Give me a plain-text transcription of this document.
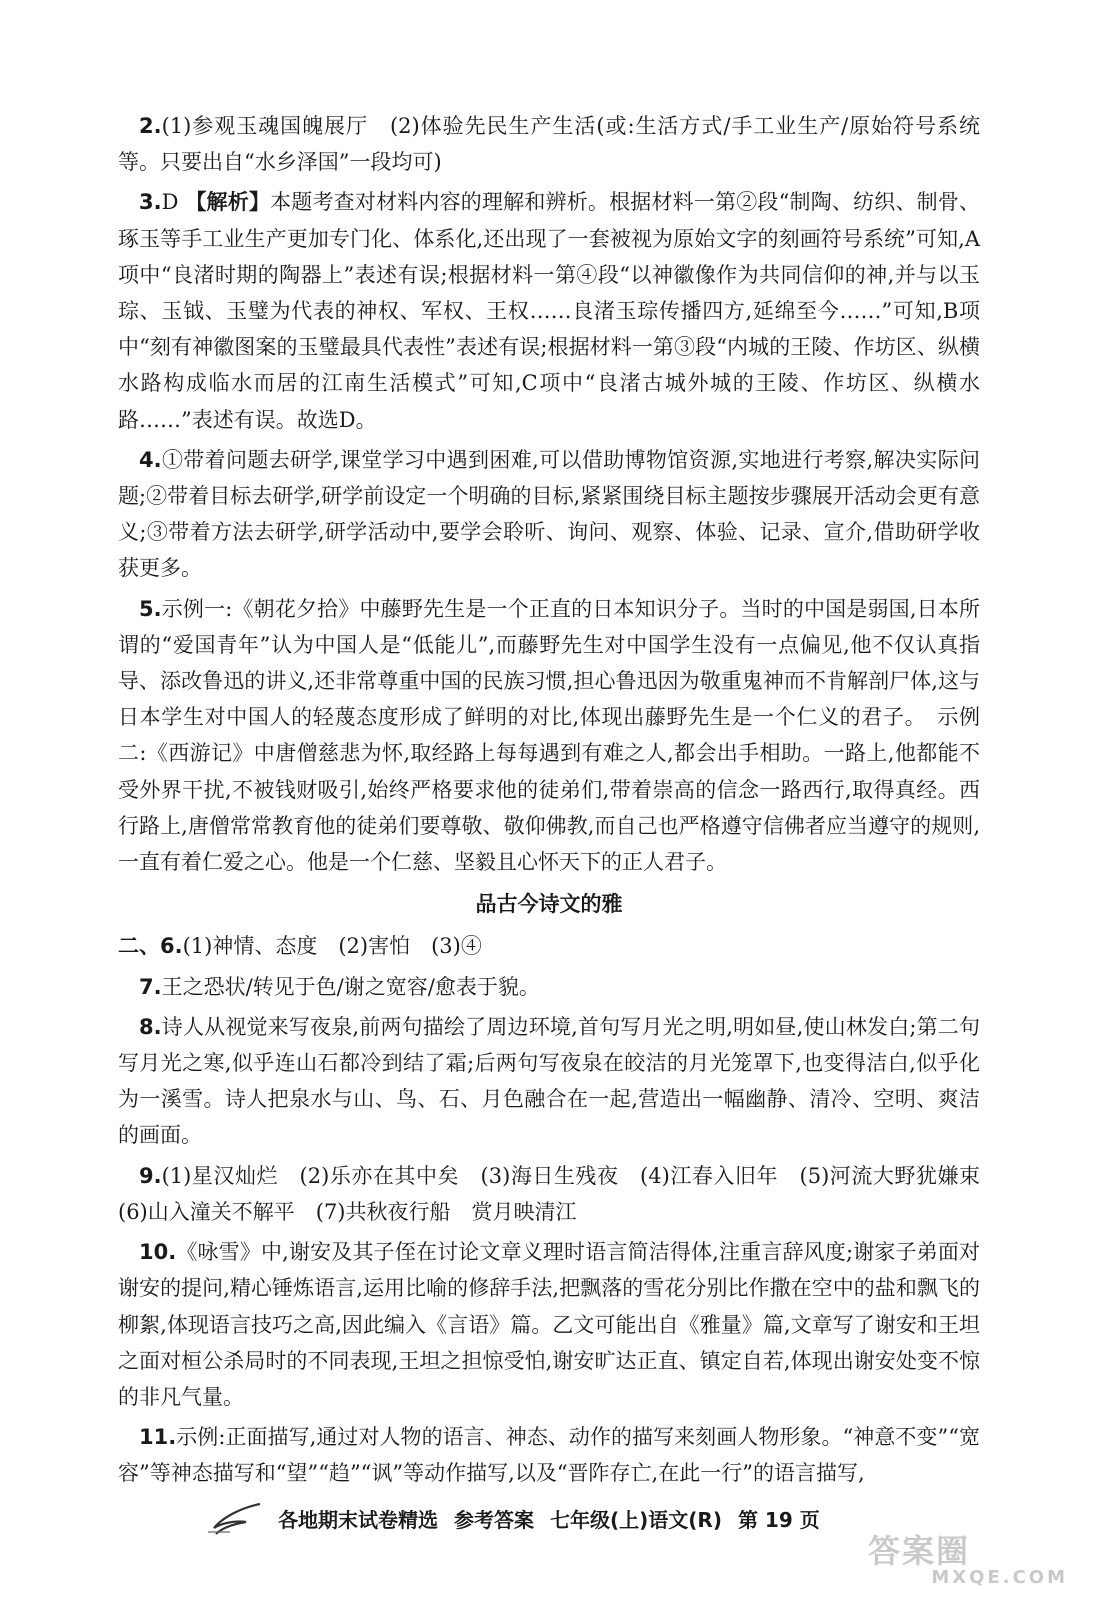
2.(1)参观玉魂国魄展厅　(2)体验先民生产生活(或:生活方式/手工业生产/原始符号系统等。只要出自“水乡泽国”一段均可)

3.D 【解析】本题考查对材料内容的理解和辨析。根据材料一第②段“制陶、纺织、制骨、琢玉等手工业生产更加专门化、体系化,还出现了一套被视为原始文字的刻画符号系统”可知,A项中“良渚时期的陶器上”表述有误;根据材料一第④段“以神徽像作为共同信仰的神,并与以玉琮、玉钺、玉璧为代表的神权、军权、王权……良渚玉琮传播四方,延绵至今……”可知,B项中“刻有神徽图案的玉璧最具代表性”表述有误;根据材料一第③段“内城的王陵、作坊区、纵横水路构成临水而居的江南生活模式”可知,C项中“良渚古城外城的王陵、作坊区、纵横水路……”表述有误。故选D。

4.①带着问题去研学,课堂学习中遇到困难,可以借助博物馆资源,实地进行考察,解决实际问题;②带着目标去研学,研学前设定一个明确的目标,紧紧围绕目标主题按步骤展开活动会更有意义;③带着方法去研学,研学活动中,要学会聆听、询问、观察、体验、记录、宣介,借助研学收获更多。

5.示例一:《朝花夕拾》中藤野先生是一个正直的日本知识分子。当时的中国是弱国,日本所谓的“爱国青年”认为中国人是“低能儿”,而藤野先生对中国学生没有一点偏见,他不仅认真指导、添改鲁迅的讲义,还非常尊重中国的民族习惯,担心鲁迅因为敬重鬼神而不肯解剖尸体,这与日本学生对中国人的轻蔑态度形成了鲜明的对比,体现出藤野先生是一个仁义的君子。　示例二:《西游记》中唐僧慈悲为怀,取经路上每每遇到有难之人,都会出手相助。一路上,他都能不受外界干扰,不被钱财吸引,始终严格要求他的徒弟们,带着崇高的信念一路西行,取得真经。西行路上,唐僧常常教育他的徒弟们要尊敬、敬仰佛教,而自己也严格遵守信佛者应当遵守的规则,一直有着仁爱之心。他是一个仁慈、坚毅且心怀天下的正人君子。

品古今诗文的雅

二、6.(1)神情、态度　(2)害怕　(3)④

7.王之恐状/转见于色/谢之宽容/愈表于貌。

8.诗人从视觉来写夜泉,前两句描绘了周边环境,首句写月光之明,明如昼,使山林发白;第二句写月光之寒,似乎连山石都冷到结了霜;后两句写夜泉在皎洁的月光笼罩下,也变得洁白,似乎化为一溪雪。诗人把泉水与山、鸟、石、月色融合在一起,营造出一幅幽静、清冷、空明、爽洁的画面。

9.(1)星汉灿烂　(2)乐亦在其中矣　(3)海日生残夜　(4)江春入旧年　(5)河流大野犹嫌束　(6)山入潼关不解平　(7)共秋夜行船　赏月映清江

10.《咏雪》中,谢安及其子侄在讨论文章义理时语言简洁得体,注重言辞风度;谢家子弟面对谢安的提问,精心锤炼语言,运用比喻的修辞手法,把飘落的雪花分别比作撒在空中的盐和飘飞的柳絮,体现语言技巧之高,因此编入《言语》篇。乙文可能出自《雅量》篇,文章写了谢安和王坦之面对桓公杀局时的不同表现,王坦之担惊受怕,谢安旷达正直、镇定自若,体现出谢安处变不惊的非凡气量。

11.示例:正面描写,通过对人物的语言、神态、动作的描写来刻画人物形象。“神意不变”“宽容”等神态描写和“望”“趋”“讽”等动作描写,以及“晋阼存亡,在此一行”的语言描写,

各地期末试卷精选 参考答案 七年级(上)语文(R) 第 19 页
答案圈
MXQE.COM
